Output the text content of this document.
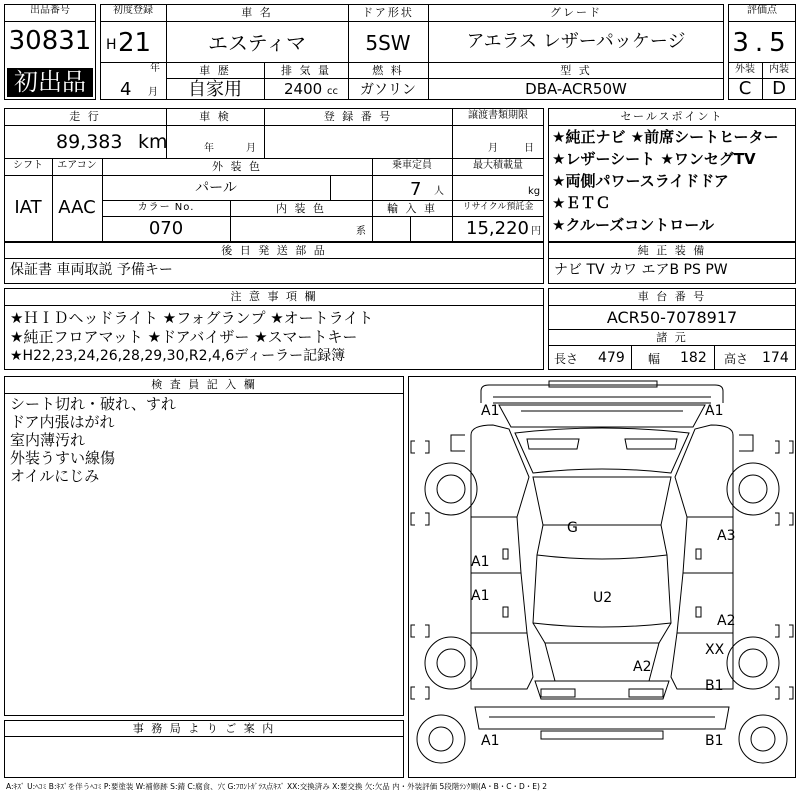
出品番号
30831
初出品
初度登録
H 21
年
4 月
車 名
エスティマ
ドア形状
5SW
グレード
アエラス レザーパッケージ
車 歴
自家用
排 気 量
2400 cc
燃 料
ガソリン
型 式
DBA-ACR50W
評価点
3.5
外装	内装
C	D
走 行
89,383 km
車 検
年	月
登 録 番 号	譲渡書類期限
月	日
シフト
IAT
エアコン
AAC
外 装 色
パール
カラー No.
070
内 装 色
系
乗車定員
7 人
最大積載量
kg
輸 入 車	リサイクル預託金
15,220 円
後 日 発 送 部 品
保証書 車両取説 予備キー
セールスポイント
★純正ナビ ★前席シートヒーター
★レザーシート ★ワンセグTV
★両側パワースライドドア
★ＥＴＣ
★クルーズコントロール
純 正 装 備
ナビ TV カワ エアB PS PW
注 意 事 項 欄
★ＨＩＤヘッドライト ★フォグランプ ★オートライト
★純正フロアマット ★ドアバイザー ★スマートキー
★H22,23,24,26,28,29,30,R2,4,6ディーラー記録簿
車 台 番 号
ACR50-7078917
諸 元
長さ 479 幅 182 高さ 174
検 査 員 記 入 欄
シート切れ・破れ、すれ
ドア内張はがれ
室内薄汚れ
外装うすい線傷
オイルにじみ
事 務 局 よ り ご 案 内
A1	A1
G
A1
A3
A1	U2
A2
XX
A2
B1
A1	B1
A:ｷｽﾞ U:ﾍｺﾐ B:ｷｽﾞを伴うﾍｺﾐ P:要塗装 W:補修跡 S:錆 C:腐食、穴 G:ﾌﾛﾝﾄｶﾞﾗｽ点ｷｽﾞ XX:交換済み X:要交換 欠:欠品 内・外装評価 5段階ﾗﾝｸ順(A・B・C・D・E) 2
